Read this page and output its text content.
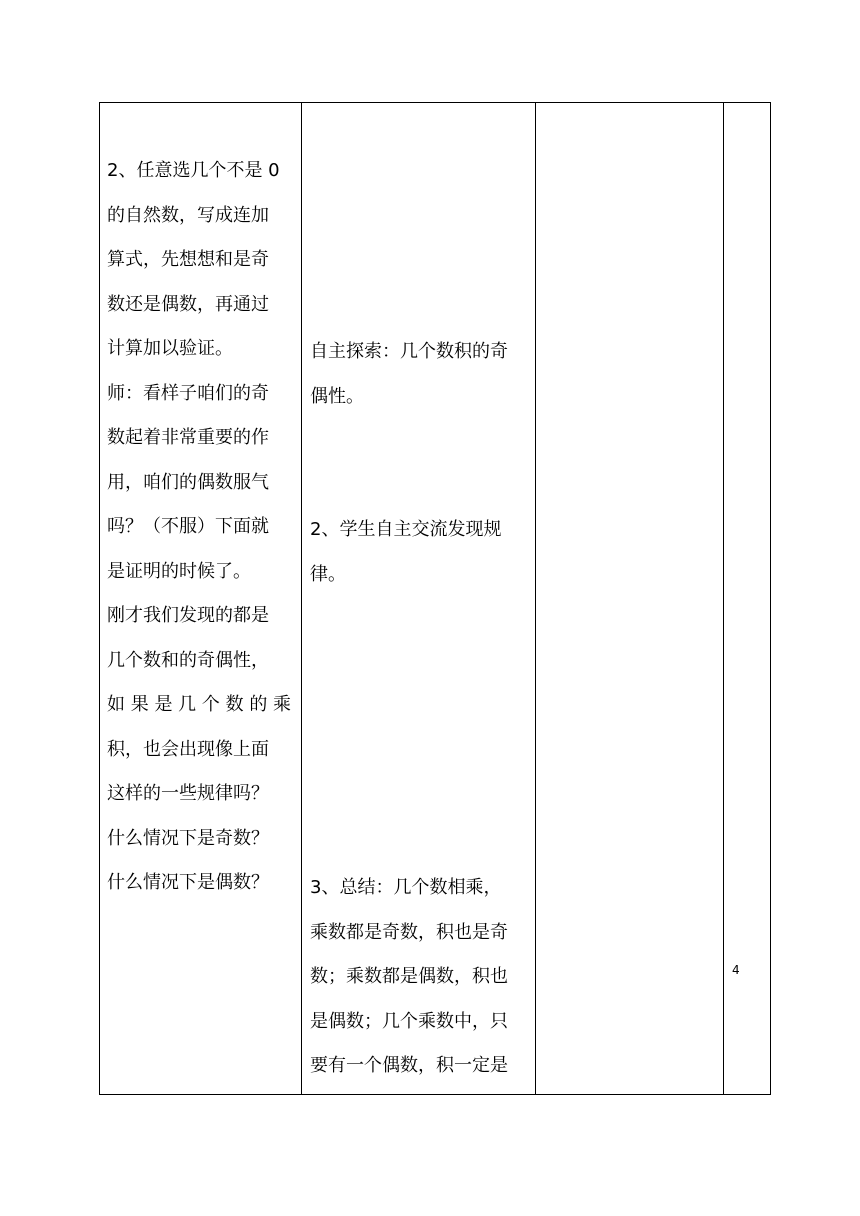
2、任意选几个不是 0

的自然数，写成连加

算式，先想想和是奇

数还是偶数，再通过

计算加以验证。

师：看样子咱们的奇

数起着非常重要的作

用，咱们的偶数服气

吗？（不服）下面就

是证明的时候了。

刚才我们发现的都是

几个数和的奇偶性，

如 果 是 几 个 数 的 乘

积，也会出现像上面

这样的一些规律吗？

什么情况下是奇数？

什么情况下是偶数？

自主探索：几个数积的奇

偶性。

2、学生自主交流发现规

律。

3、总结：几个数相乘，

乘数都是奇数，积也是奇

数；乘数都是偶数，积也

是偶数；几个乘数中，只

要有一个偶数，积一定是

4
